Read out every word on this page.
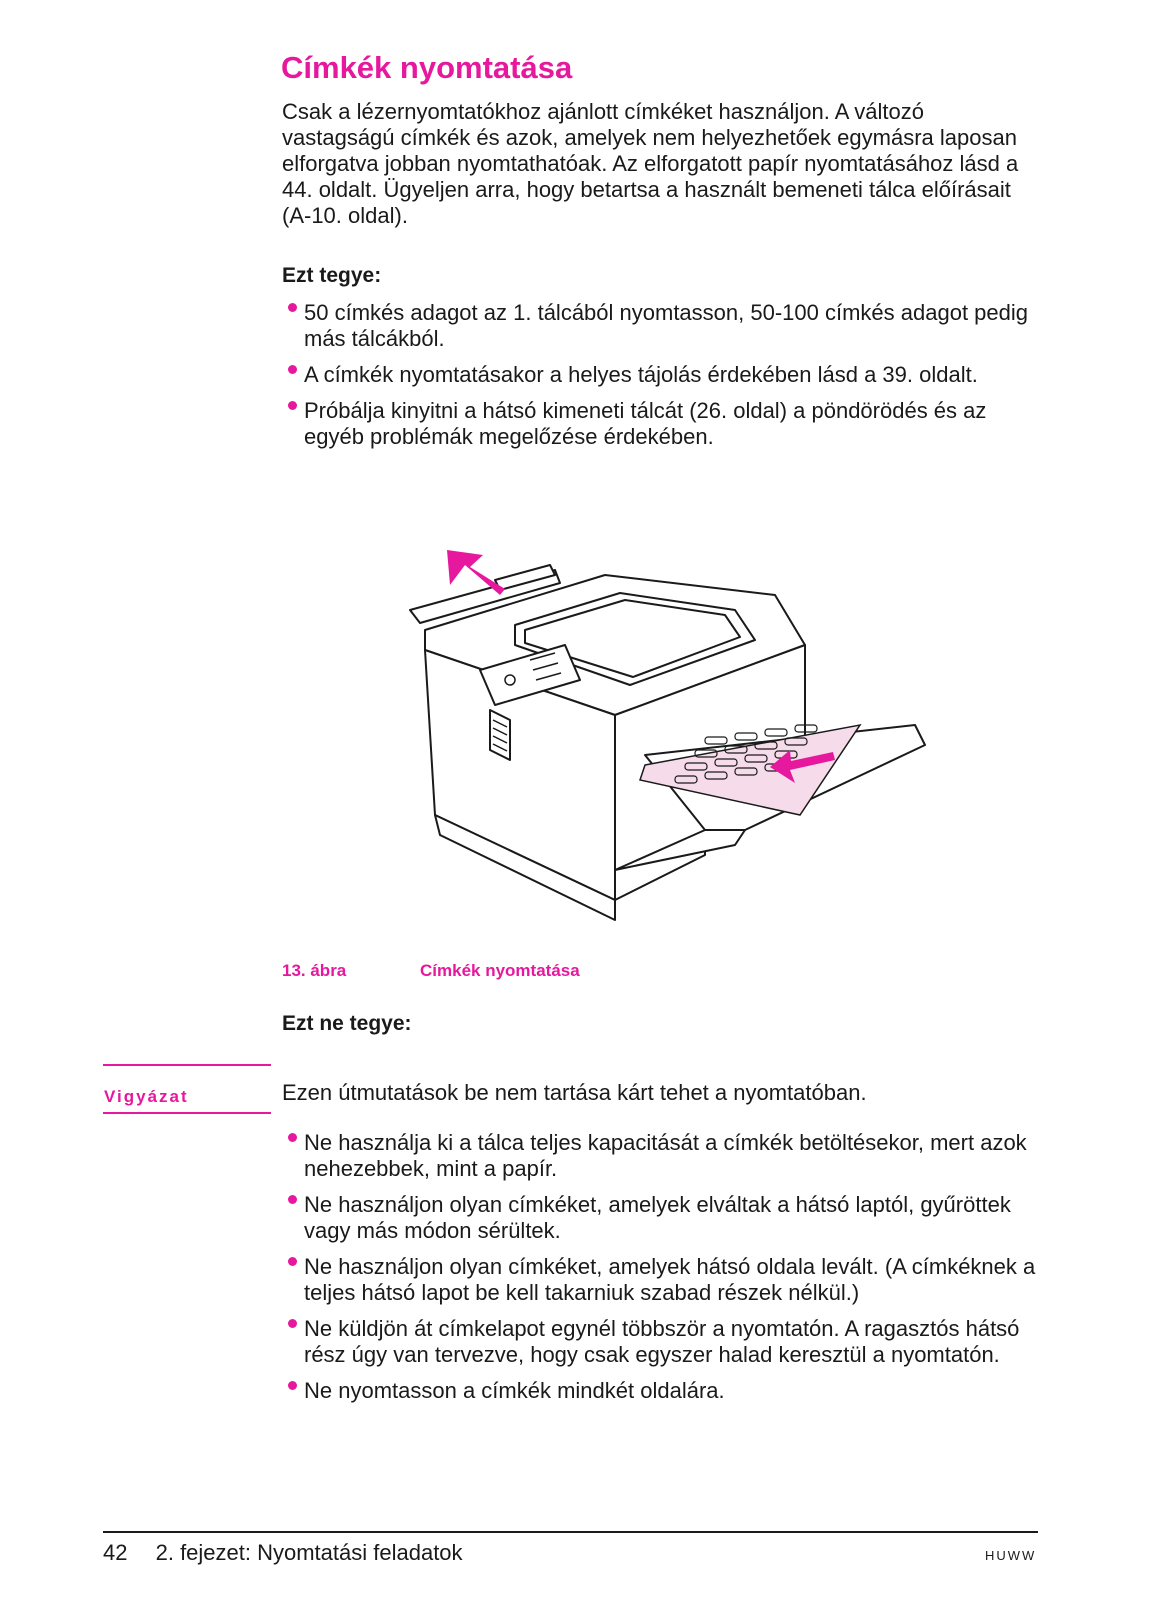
Címkék nyomtatása

Csak a lézernyomtatókhoz ajánlott címkéket használjon. A változó vastagságú címkék és azok, amelyek nem helyezhetőek egymásra laposan elforgatva jobban nyomtathatóak. Az elforgatott papír nyomtatásához lásd a 44. oldalt. Ügyeljen arra, hogy betartsa a használt bemeneti tálca előírásait (A-10. oldal).

Ezt tegye:
50 címkés adagot az 1. tálcából nyomtasson, 50-100 címkés adagot pedig más tálcákból.
A címkék nyomtatásakor a helyes tájolás érdekében lásd a 39. oldalt.
Próbálja kinyitni a hátsó kimeneti tálcát (26. oldal) a pöndörödés és az egyéb problémák megelőzése érdekében.
13. ábra	Címkék nyomtatása
Ezt ne tegye:
Vigyázat	Ezen útmutatások be nem tartása kárt tehet a nyomtatóban.
Ne használja ki a tálca teljes kapacitását a címkék betöltésekor, mert azok nehezebbek, mint a papír.
Ne használjon olyan címkéket, amelyek elváltak a hátsó laptól, gyűröttek vagy más módon sérültek.
Ne használjon olyan címkéket, amelyek hátsó oldala levált. (A címkéknek a teljes hátsó lapot be kell takarniuk szabad részek nélkül.)
Ne küldjön át címkelapot egynél többször a nyomtatón. A ragasztós hátsó rész úgy van tervezve, hogy csak egyszer halad keresztül a nyomtatón.
Ne nyomtasson a címkék mindkét oldalára.
42 2. fejezet: Nyomtatási feladatok	HUWW
